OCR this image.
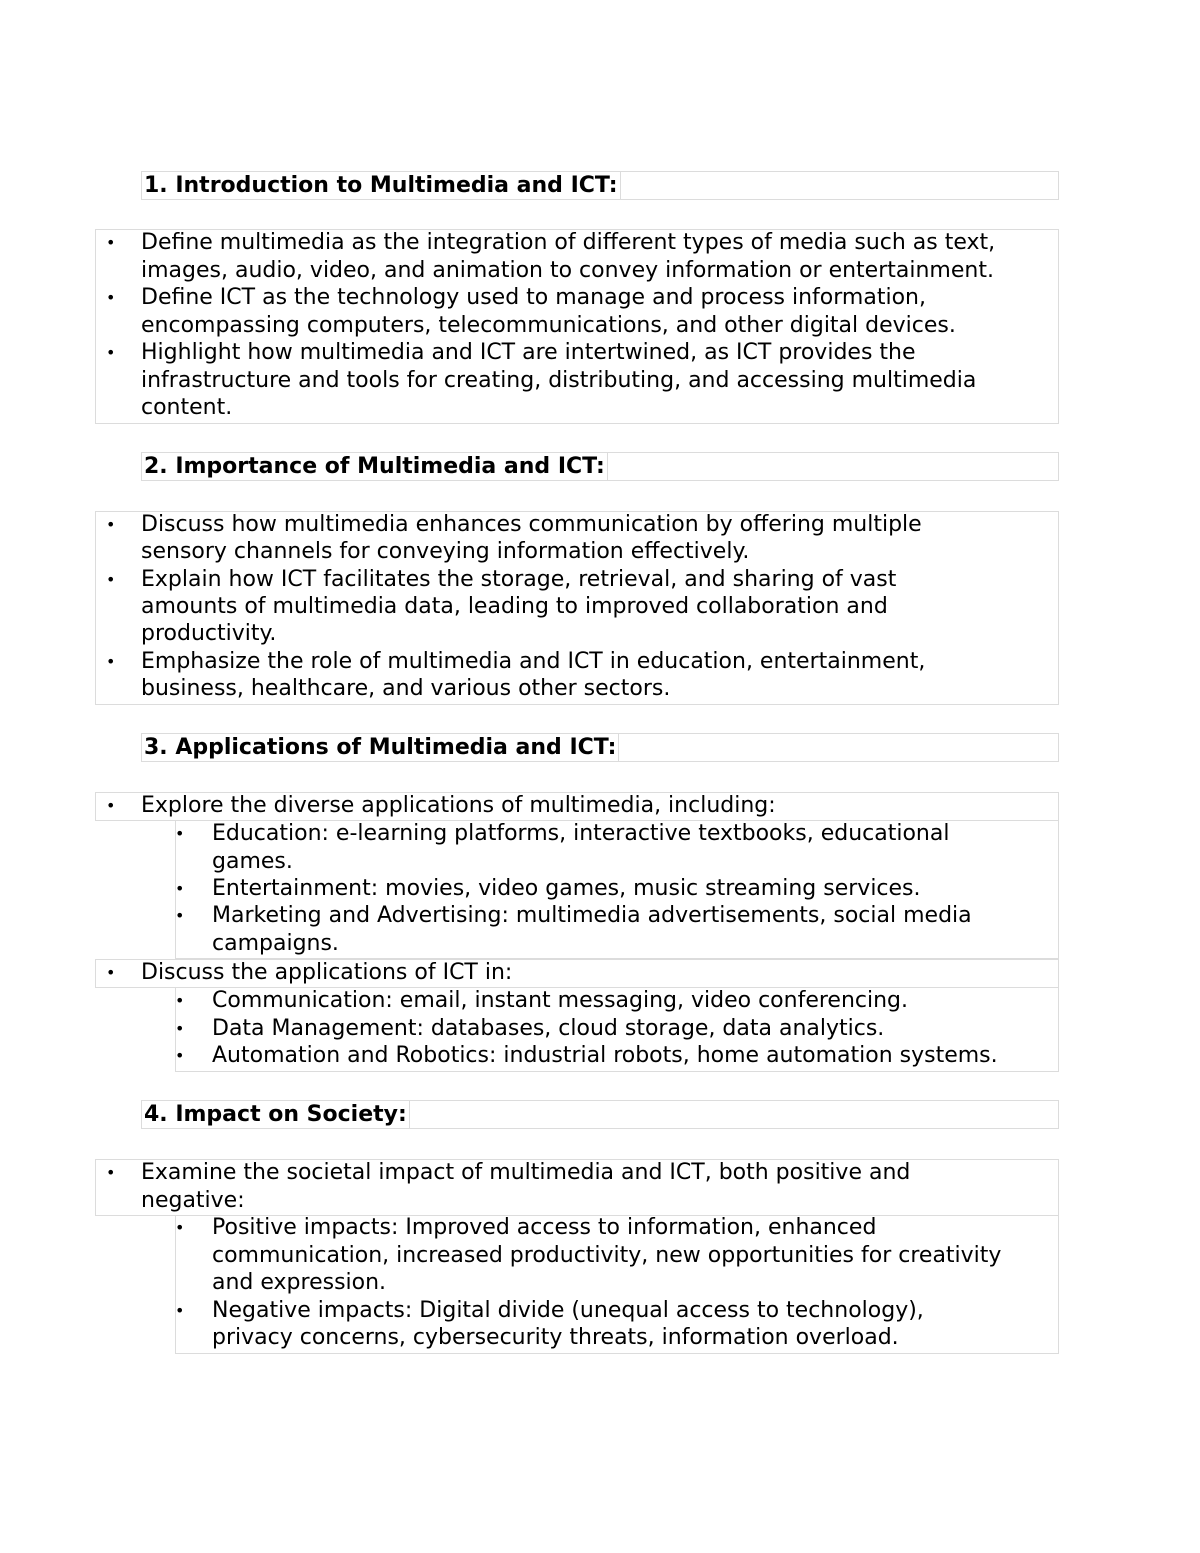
1. Introduction to Multimedia and ICT:
• Define multimedia as the integration of different types of media such as text,
images, audio, video, and animation to convey information or entertainment.
• Define ICT as the technology used to manage and process information,
encompassing computers, telecommunications, and other digital devices.
• Highlight how multimedia and ICT are intertwined, as ICT provides the
infrastructure and tools for creating, distributing, and accessing multimedia
content.
2. Importance of Multimedia and ICT:
• Discuss how multimedia enhances communication by offering multiple
sensory channels for conveying information effectively.
• Explain how ICT facilitates the storage, retrieval, and sharing of vast
amounts of multimedia data, leading to improved collaboration and
productivity.
• Emphasize the role of multimedia and ICT in education, entertainment,
business, healthcare, and various other sectors.
3. Applications of Multimedia and ICT:
• Explore the diverse applications of multimedia, including:
• Education: e-learning platforms, interactive textbooks, educational
games.
• Entertainment: movies, video games, music streaming services.
• Marketing and Advertising: multimedia advertisements, social media
campaigns.
• Discuss the applications of ICT in:
• Communication: email, instant messaging, video conferencing.
• Data Management: databases, cloud storage, data analytics.
• Automation and Robotics: industrial robots, home automation systems.
4. Impact on Society:
• Examine the societal impact of multimedia and ICT, both positive and
negative:
• Positive impacts: Improved access to information, enhanced
communication, increased productivity, new opportunities for creativity
and expression.
• Negative impacts: Digital divide (unequal access to technology),
privacy concerns, cybersecurity threats, information overload.
